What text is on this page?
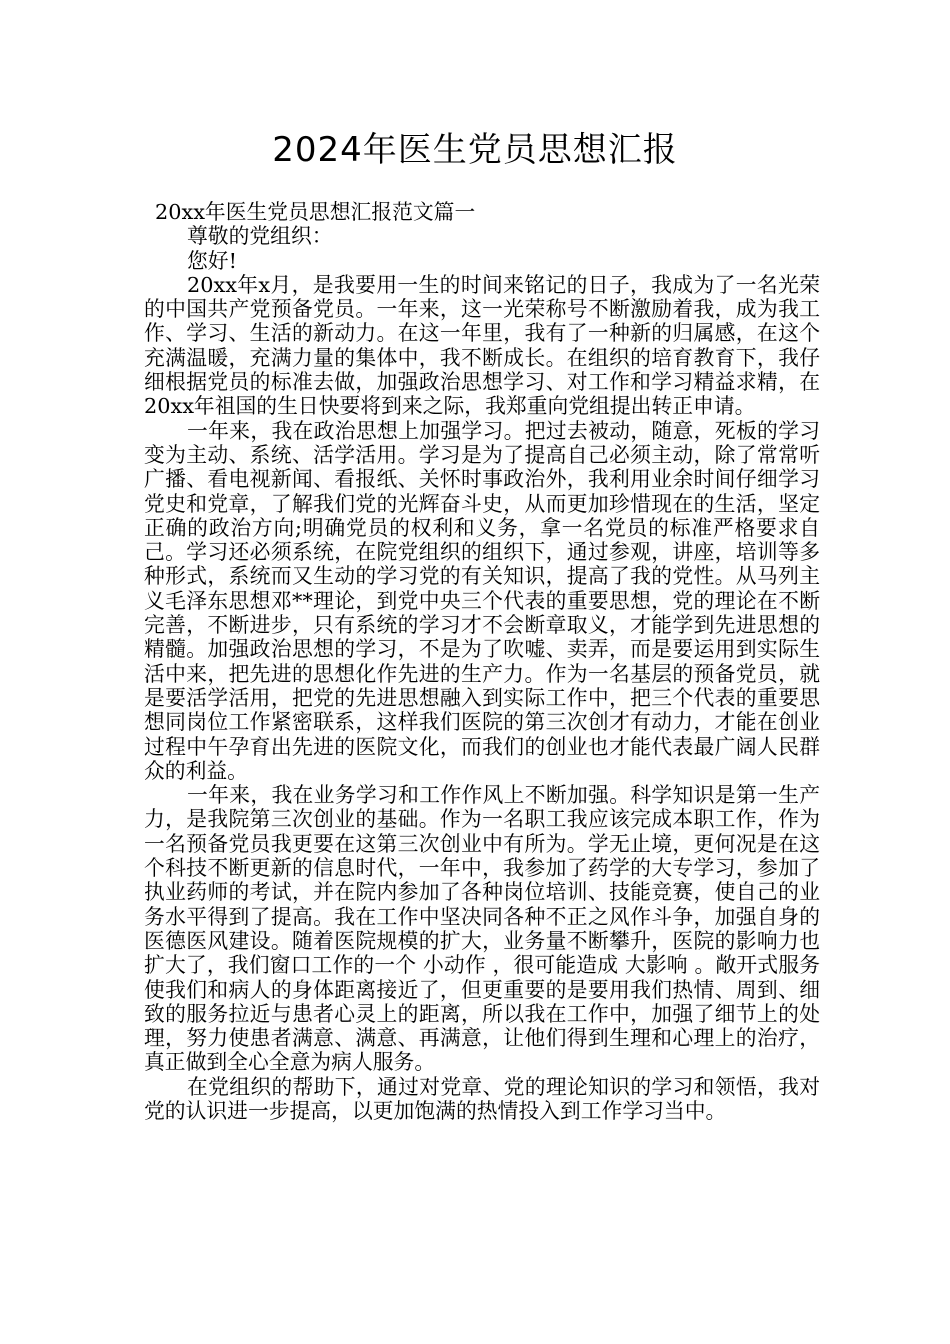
2024年医生党员思想汇报

20xx年医生党员思想汇报范文篇一

尊敬的党组织：

您好!

20xx年x月，是我要用一生的时间来铭记的日子，我成为了一名光荣的中国共产党预备党员。一年来，这一光荣称号不断激励着我，成为我工作、学习、生活的新动力。在这一年里，我有了一种新的归属感，在这个充满温暖，充满力量的集体中，我不断成长。在组织的培育教育下，我仔细根据党员的标准去做，加强政治思想学习、对工作和学习精益求精，在20xx年祖国的生日快要将到来之际，我郑重向党组提出转正申请。

一年来，我在政治思想上加强学习。把过去被动，随意，死板的学习变为主动、系统、活学活用。学习是为了提高自己必须主动，除了常常听广播、看电视新闻、看报纸、关怀时事政治外，我利用业余时间仔细学习党史和党章，了解我们党的光辉奋斗史，从而更加珍惜现在的生活，坚定正确的政治方向;明确党员的权利和义务，拿一名党员的标准严格要求自己。学习还必须系统，在院党组织的组织下，通过参观，讲座，培训等多种形式，系统而又生动的学习党的有关知识，提高了我的党性。从马列主义毛泽东思想邓**理论，到党中央三个代表的重要思想，党的理论在不断完善，不断进步，只有系统的学习才不会断章取义，才能学到先进思想的精髓。加强政治思想的学习，不是为了吹嘘、卖弄，而是要运用到实际生活中来，把先进的思想化作先进的生产力。作为一名基层的预备党员，就是要活学活用，把党的先进思想融入到实际工作中，把三个代表的重要思想同岗位工作紧密联系，这样我们医院的第三次创才有动力，才能在创业过程中午孕育出先进的医院文化，而我们的创业也才能代表最广阔人民群众的利益。

一年来，我在业务学习和工作作风上不断加强。科学知识是第一生产力，是我院第三次创业的基础。作为一名职工我应该完成本职工作，作为一名预备党员我更要在这第三次创业中有所为。学无止境，更何况是在这个科技不断更新的信息时代，一年中，我参加了药学的大专学习，参加了执业药师的考试，并在院内参加了各种岗位培训、技能竞赛，使自己的业务水平得到了提高。我在工作中坚决同各种不正之风作斗争，加强自身的医德医风建设。随着医院规模的扩大，业务量不断攀升，医院的影响力也扩大了，我们窗口工作的一个 小动作 ，很可能造成 大影响 。敞开式服务使我们和病人的身体距离接近了，但更重要的是要用我们热情、周到、细致的服务拉近与患者心灵上的距离，所以我在工作中，加强了细节上的处理，努力使患者满意、满意、再满意，让他们得到生理和心理上的治疗，真正做到全心全意为病人服务。

在党组织的帮助下，通过对党章、党的理论知识的学习和领悟，我对党的认识进一步提高，以更加饱满的热情投入到工作学习当中。
